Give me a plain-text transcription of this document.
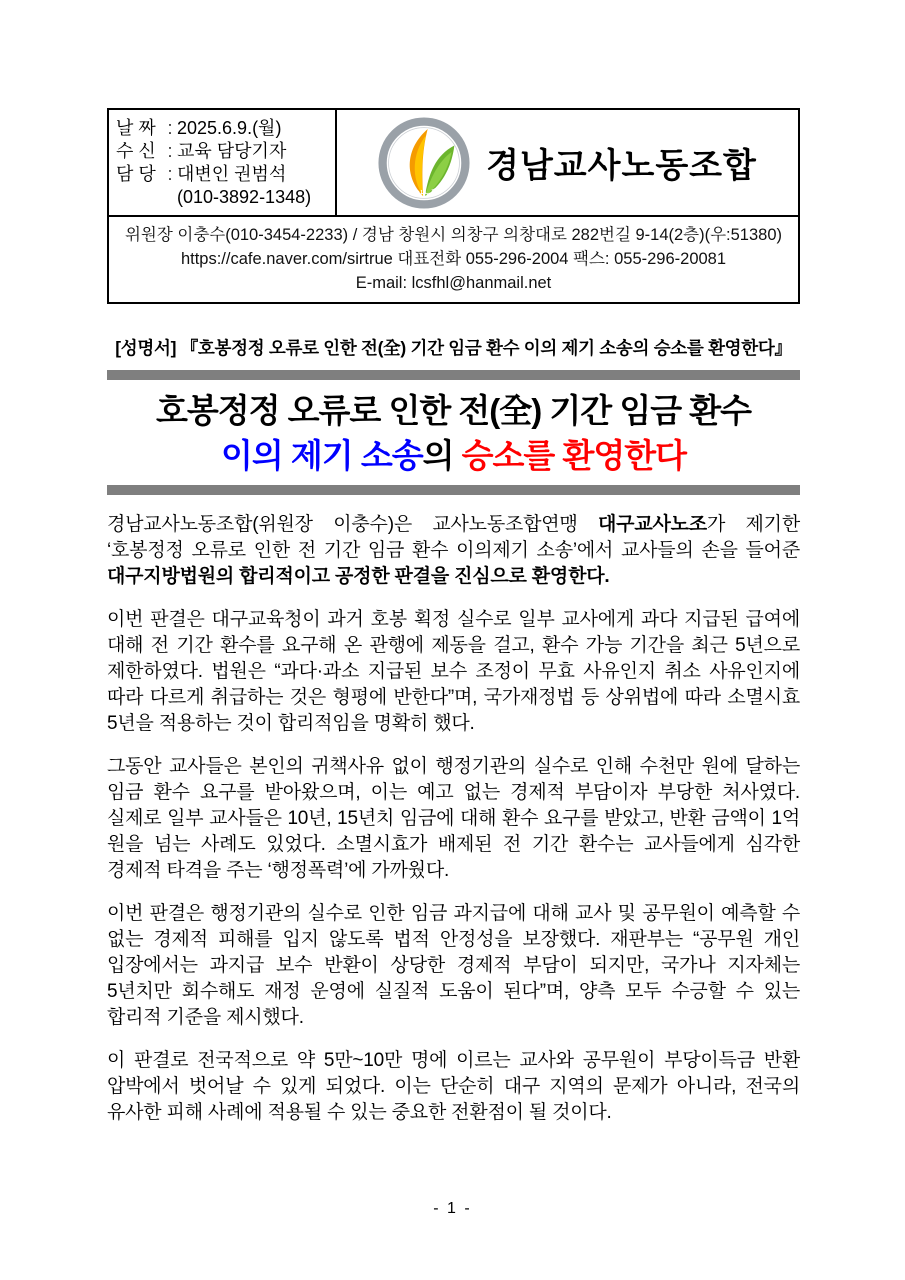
날 짜 : 2025.6.9.(월)
수 신 : 교육 담당기자
담 당 : 대변인 권범석
(010-3892-1348)
경남교사노동조합 경남교사노동조합
위원장 이충수(010-3454-2233) / 경남 창원시 의창구 의창대로 282번길 9-14(2층)(우:51380)
https://cafe.naver.com/sirtrue 대표전화 055-296-2004 팩스: 055-296-20081
E-mail: lcsfhl@hanmail.net
[성명서] 『호봉정정 오류로 인한 전(全) 기간 임금 환수 이의 제기 소송의 승소를 환영한다』
호봉정정 오류로 인한 전(全) 기간 임금 환수
이의 제기 소송의 승소를 환영한다

경남교사노동조합(위원장 이충수)은 교사노동조합연맹 대구교사노조가 제기한 ‘호봉정정 오류로 인한 전 기간 임금 환수 이의제기 소송’에서 교사들의 손을 들어준 대구지방법원의 합리적이고 공정한 판결을 진심으로 환영한다.

이번 판결은 대구교육청이 과거 호봉 획정 실수로 일부 교사에게 과다 지급된 급여에 대해 전 기간 환수를 요구해 온 관행에 제동을 걸고, 환수 가능 기간을 최근 5년으로 제한하였다. 법원은 “과다·과소 지급된 보수 조정이 무효 사유인지 취소 사유인지에 따라 다르게 취급하는 것은 형평에 반한다”며, 국가재정법 등 상위법에 따라 소멸시효 5년을 적용하는 것이 합리적임을 명확히 했다.

그동안 교사들은 본인의 귀책사유 없이 행정기관의 실수로 인해 수천만 원에 달하는 임금 환수 요구를 받아왔으며, 이는 예고 없는 경제적 부담이자 부당한 처사였다. 실제로 일부 교사들은 10년, 15년치 임금에 대해 환수 요구를 받았고, 반환 금액이 1억 원을 넘는 사례도 있었다. 소멸시효가 배제된 전 기간 환수는 교사들에게 심각한 경제적 타격을 주는 ‘행정폭력’에 가까웠다.

이번 판결은 행정기관의 실수로 인한 임금 과지급에 대해 교사 및 공무원이 예측할 수 없는 경제적 피해를 입지 않도록 법적 안정성을 보장했다. 재판부는 “공무원 개인 입장에서는 과지급 보수 반환이 상당한 경제적 부담이 되지만, 국가나 지자체는 5년치만 회수해도 재정 운영에 실질적 도움이 된다”며, 양측 모두 수긍할 수 있는 합리적 기준을 제시했다.

이 판결로 전국적으로 약 5만~10만 명에 이르는 교사와 공무원이 부당이득금 반환 압박에서 벗어날 수 있게 되었다. 이는 단순히 대구 지역의 문제가 아니라, 전국의 유사한 피해 사례에 적용될 수 있는 중요한 전환점이 될 것이다.

- 1 -
